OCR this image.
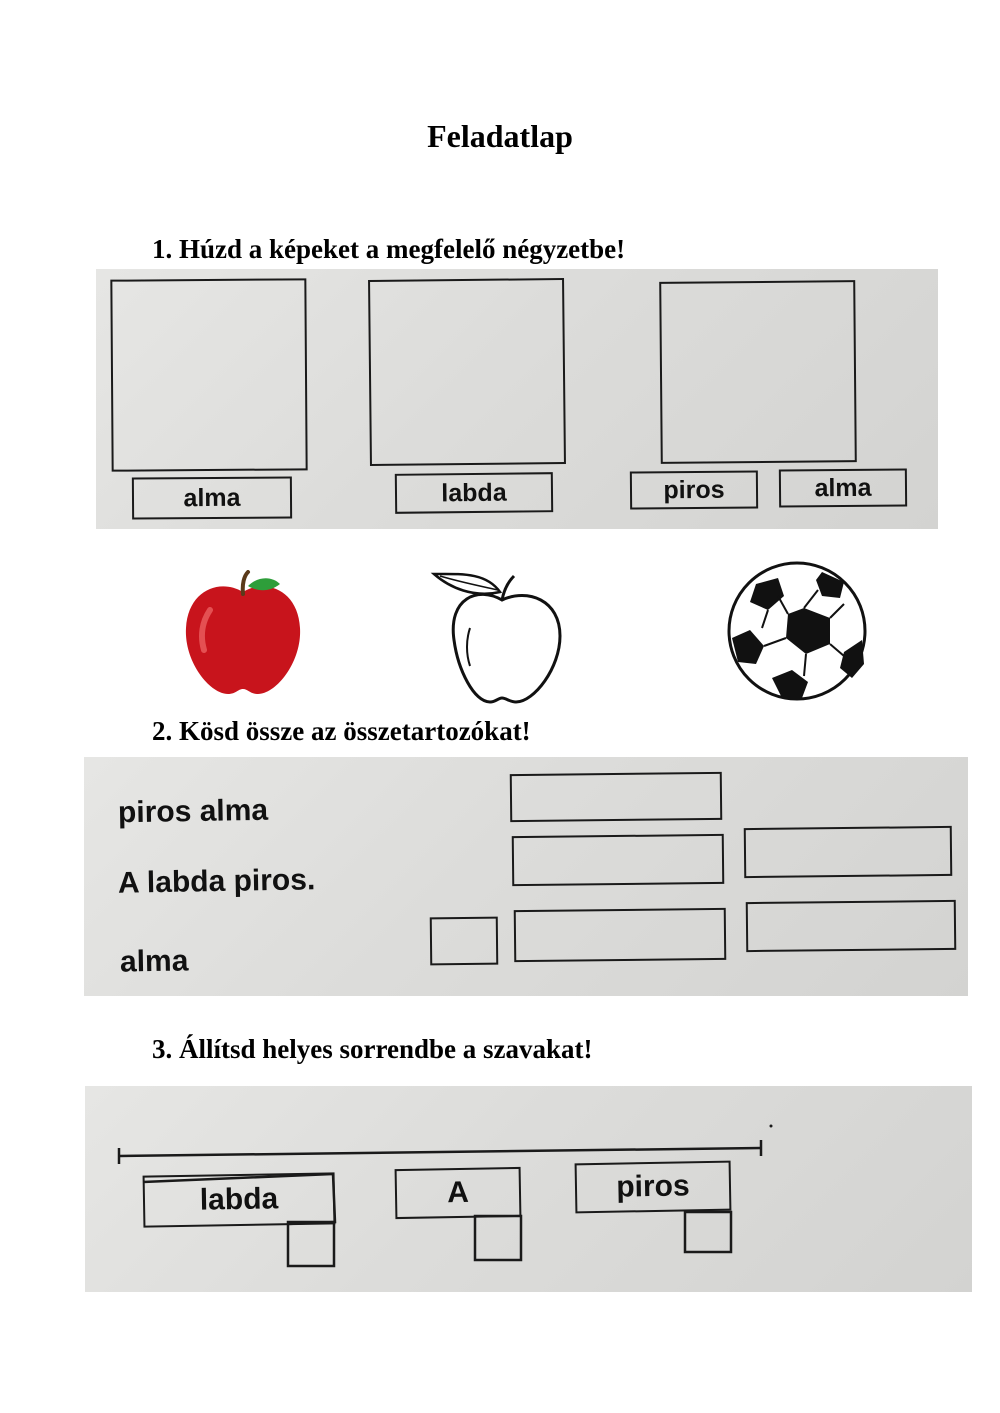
Feladatlap
1. Húzd a képeket a megfelelő négyzetbe!

alma	labda	piros	alma
2. Kösd össze az összetartozókat!
piros alma
A labda piros.
alma
3. Állítsd helyes sorrendbe a szavakat!
labda	A	piros
